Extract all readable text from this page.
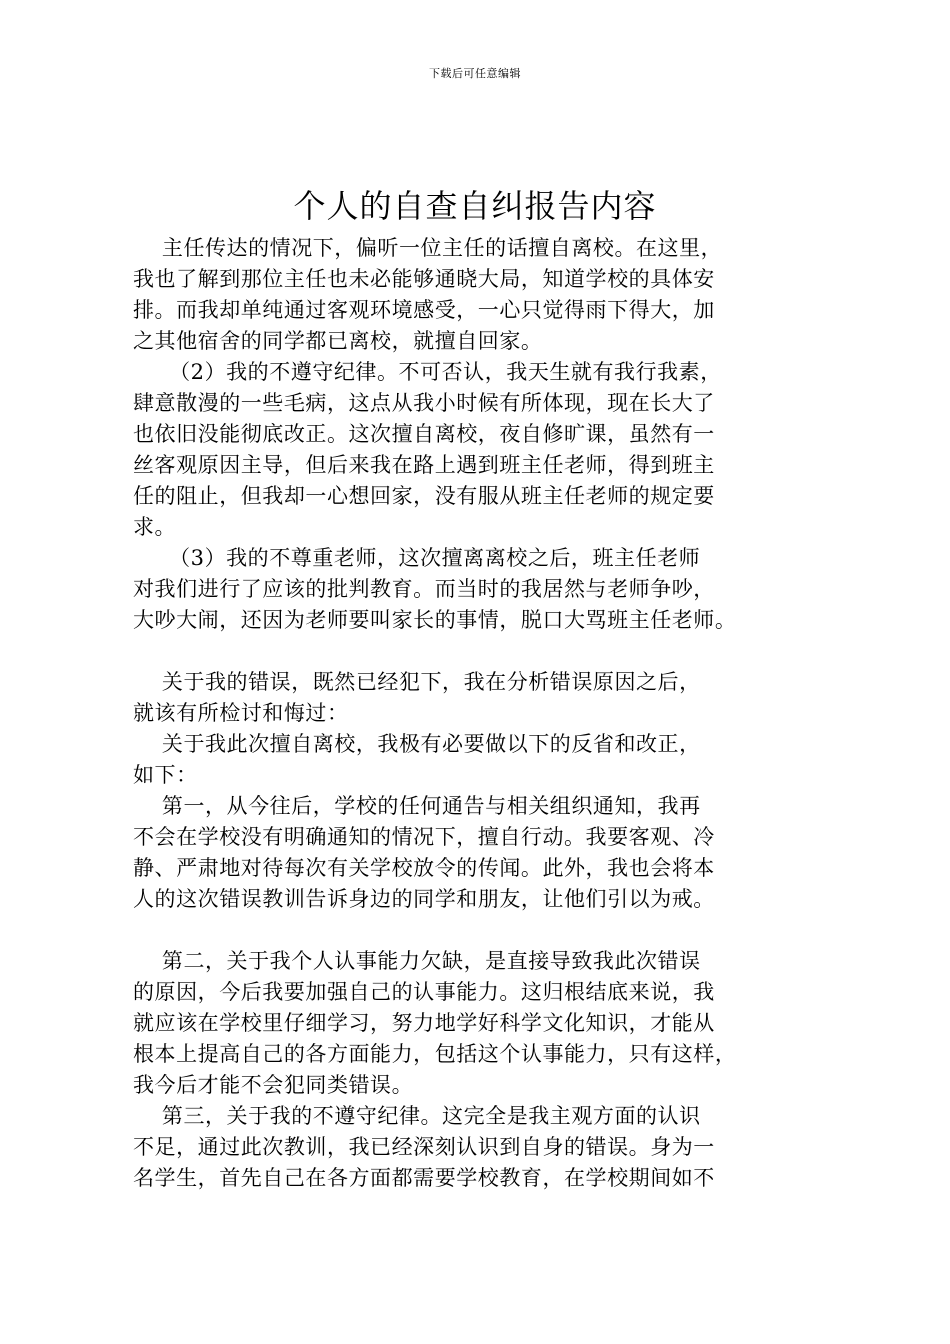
下载后可任意编辑
个人的自查自纠报告内容

主任传达的情况下，偏听一位主任的话擅自离校。在这里，

我也了解到那位主任也未必能够通晓大局，知道学校的具体安

排。而我却单纯通过客观环境感受，一心只觉得雨下得大，加

之其他宿舍的同学都已离校，就擅自回家。

（2）我的不遵守纪律。不可否认，我天生就有我行我素，

肆意散漫的一些毛病，这点从我小时候有所体现，现在长大了

也依旧没能彻底改正。这次擅自离校，夜自修旷课，虽然有一

丝客观原因主导，但后来我在路上遇到班主任老师，得到班主

任的阻止，但我却一心想回家，没有服从班主任老师的规定要

求。

（3）我的不尊重老师，这次擅离离校之后，班主任老师

对我们进行了应该的批判教育。而当时的我居然与老师争吵，

大吵大闹，还因为老师要叫家长的事情，脱口大骂班主任老师。

关于我的错误，既然已经犯下，我在分析错误原因之后，

就该有所检讨和悔过：

关于我此次擅自离校，我极有必要做以下的反省和改正，

如下：

第一，从今往后，学校的任何通告与相关组织通知，我再

不会在学校没有明确通知的情况下，擅自行动。我要客观、冷

静、严肃地对待每次有关学校放令的传闻。此外，我也会将本

人的这次错误教训告诉身边的同学和朋友，让他们引以为戒。

第二，关于我个人认事能力欠缺，是直接导致我此次错误

的原因，今后我要加强自己的认事能力。这归根结底来说，我

就应该在学校里仔细学习，努力地学好科学文化知识，才能从

根本上提高自己的各方面能力，包括这个认事能力，只有这样，

我今后才能不会犯同类错误。

第三，关于我的不遵守纪律。这完全是我主观方面的认识

不足，通过此次教训，我已经深刻认识到自身的错误。身为一

名学生，首先自己在各方面都需要学校教育，在学校期间如不
